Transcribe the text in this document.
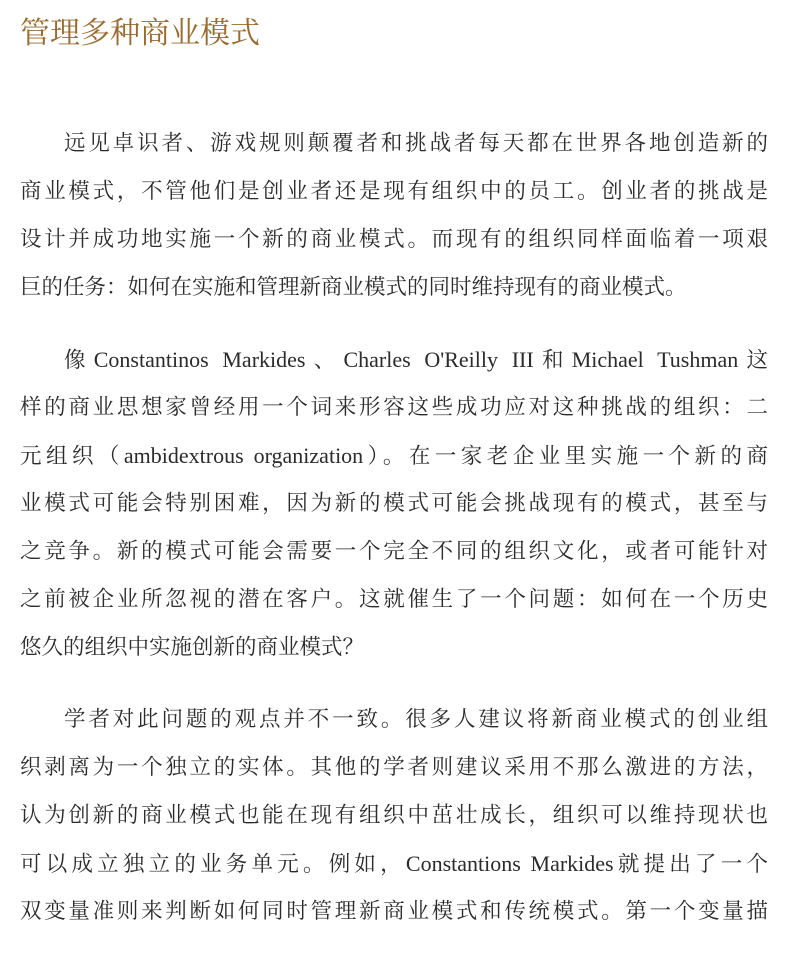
管理多种商业模式

远见卓识者、游戏规则颠覆者和挑战者每天都在世界各地创造新的
商业模式，不管他们是创业者还是现有组织中的员工。创业者的挑战是
设计并成功地实施一个新的商业模式。而现有的组织同样面临着一项艰
巨的任务：如何在实施和管理新商业模式的同时维持现有的商业模式。

像Constantinos Markides、Charles O'Reilly III和Michael Tushman这
样的商业思想家曾经用一个词来形容这些成功应对这种挑战的组织：二
元组织（ambidextrous organization）。在一家老企业里实施一个新的商
业模式可能会特别困难，因为新的模式可能会挑战现有的模式，甚至与
之竞争。新的模式可能会需要一个完全不同的组织文化，或者可能针对
之前被企业所忽视的潜在客户。这就催生了一个问题：如何在一个历史
悠久的组织中实施创新的商业模式？

学者对此问题的观点并不一致。很多人建议将新商业模式的创业组
织剥离为一个独立的实体。其他的学者则建议采用不那么激进的方法，
认为创新的商业模式也能在现有组织中茁壮成长，组织可以维持现状也
可以成立独立的业务单元。例如，Constantions Markides就提出了一个
双变量准则来判断如何同时管理新商业模式和传统模式。第一个变量描
